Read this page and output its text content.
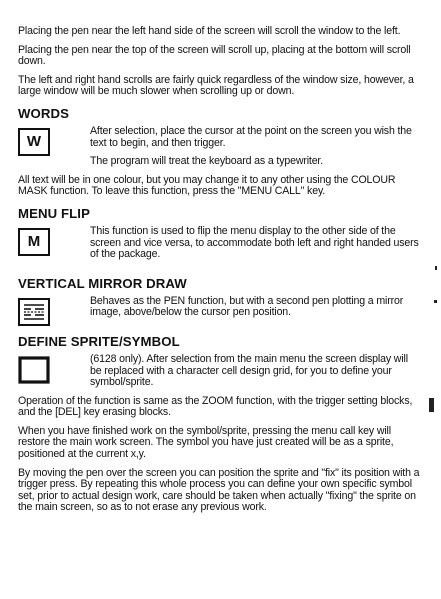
Placing the pen near the left hand side of the screen will scroll the window to the left.

Placing the pen near the top of the screen will scroll up, placing at the bottom will scroll down.

The left and right hand scrolls are fairly quick regardless of the window size, however, a large window will be much slower when scrolling up or down.

WORDS
W

After selection, place the cursor at the point on the screen you wish the text to begin, and then trigger.

The program will treat the keyboard as a typewriter.

All text will be in one colour, but you may change it to any other using the COLOUR MASK function. To leave this function, press the "MENU CALL" key.

MENU FLIP
M

This function is used to flip the menu display to the other side of the screen and vice versa, to accommodate both left and right handed users of the package.

VERTICAL MIRROR DRAW

Behaves as the PEN function, but with a second pen plotting a mirror image, above/below the cursor pen position.

DEFINE SPRITE/SYMBOL

(6128 only). After selection from the main menu the screen display will be replaced with a character cell design grid, for you to define your symbol/sprite.

Operation of the function is same as the ZOOM function, with the trigger setting blocks, and the [DEL] key erasing blocks.

When you have finished work on the symbol/sprite, pressing the menu call key will restore the main work screen. The symbol you have just created will be as a sprite, positioned at the current x,y.

By moving the pen over the screen you can position the sprite and "fix" its position with a trigger press. By repeating this whole process you can define your own specific symbol set, prior to actual design work, care should be taken when actually "fixing" the sprite on the main screen, so as to not erase any previous work.
